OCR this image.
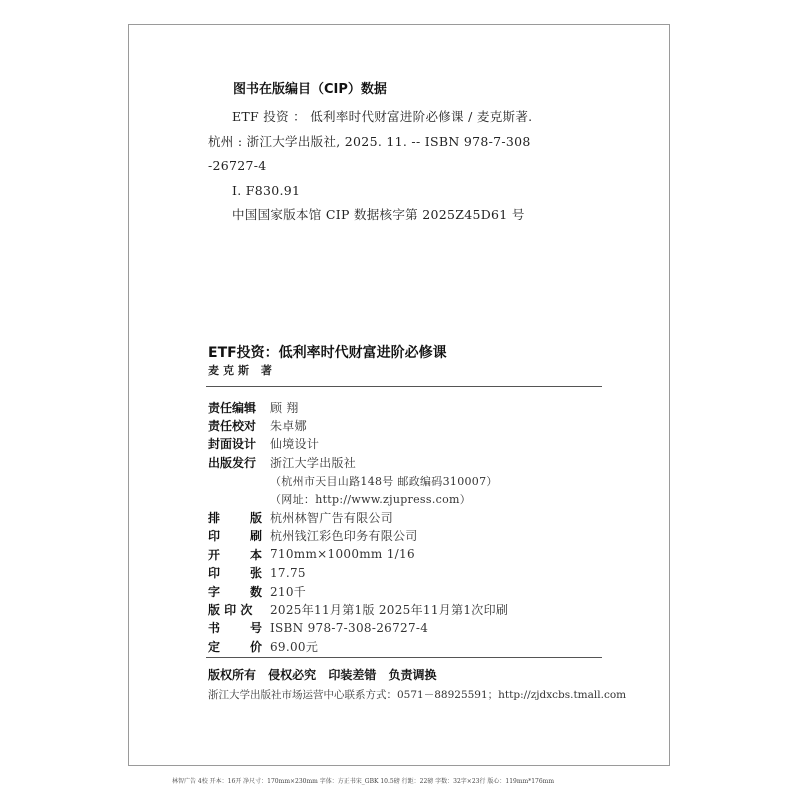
图书在版编目（CIP）数据
ETF 投资 ： 低利率时代财富进阶必修课 / 麦克斯著.
杭州 : 浙江大学出版社, 2025. 11. -- ISBN 978-7-308
-26727-4
Ⅰ. F830.91
中国国家版本馆 CIP 数据核字第 2025Z45D61 号
ETF投资：低利率时代财富进阶必修课
麦克斯 著
责任编辑	顾 翔
责任校对	朱卓娜
封面设计	仙境设计
出版发行	浙江大学出版社
（杭州市天目山路148号 邮政编码310007）
（网址：http://www.zjupress.com）
排 版 杭州林智广告有限公司
印 刷 杭州钱江彩色印务有限公司
开 本 710mm×1000mm 1/16
印 张 17.75
字 数 210千
版 印 次	2025年11月第1版 2025年11月第1次印刷
书 号 ISBN 978-7-308-26727-4
定 价 69.00元
版权所有 侵权必究 印装差错 负责调换
浙江大学出版社市场运营中心联系方式：0571－88925591；http://zjdxcbs.tmall.com
林智广告 4校 开本：16开 净尺寸：170mm×230mm 字体：方正书宋_GBK 10.5磅 行距：22磅 字数：32字×23行 版心：119mm*176mm
